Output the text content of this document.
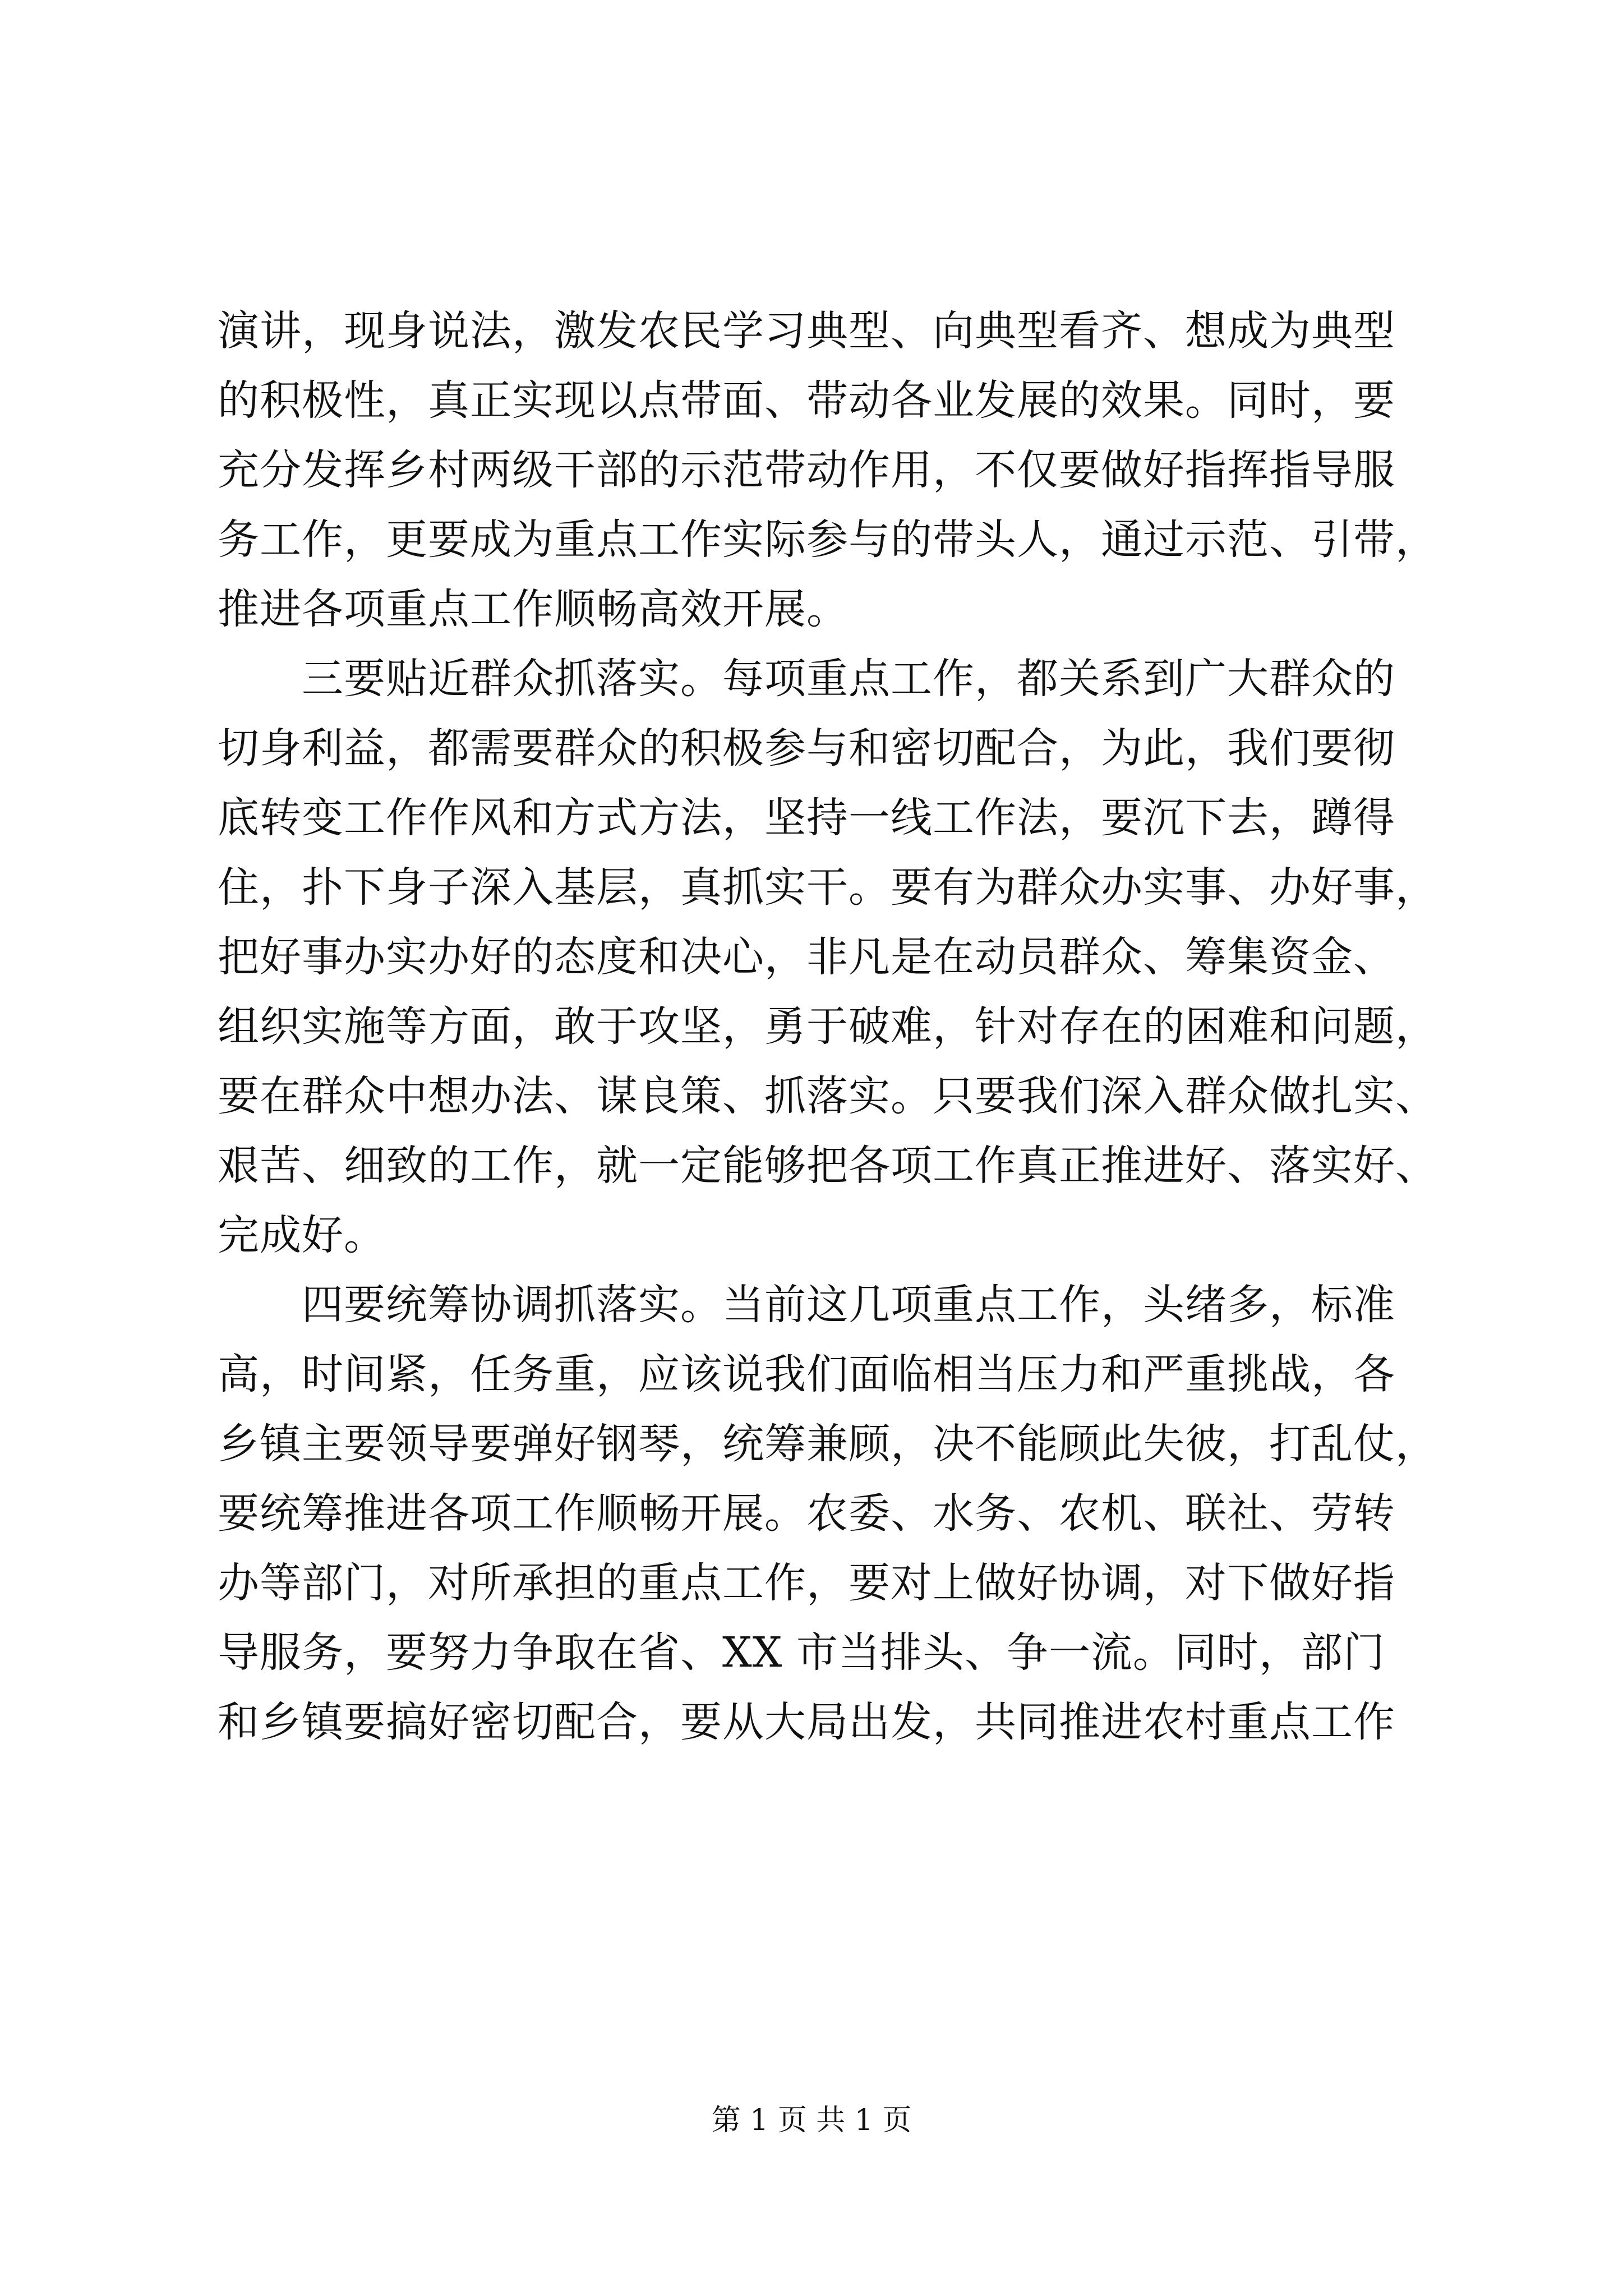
演讲，现身说法，激发农民学习典型、向典型看齐、想成为典型
的积极性，真正实现以点带面、带动各业发展的效果。同时，要
充分发挥乡村两级干部的示范带动作用，不仅要做好指挥指导服
务工作，更要成为重点工作实际参与的带头人，通过示范、引带，
推进各项重点工作顺畅高效开展。
　　三要贴近群众抓落实。每项重点工作，都关系到广大群众的
切身利益，都需要群众的积极参与和密切配合，为此，我们要彻
底转变工作作风和方式方法，坚持一线工作法，要沉下去，蹲得
住，扑下身子深入基层，真抓实干。要有为群众办实事、办好事，
把好事办实办好的态度和决心，非凡是在动员群众、筹集资金、
组织实施等方面，敢于攻坚，勇于破难，针对存在的困难和问题，
要在群众中想办法、谋良策、抓落实。只要我们深入群众做扎实、
艰苦、细致的工作，就一定能够把各项工作真正推进好、落实好、
完成好。
　　四要统筹协调抓落实。当前这几项重点工作，头绪多，标准
高，时间紧，任务重，应该说我们面临相当压力和严重挑战，各
乡镇主要领导要弹好钢琴，统筹兼顾，决不能顾此失彼，打乱仗，
要统筹推进各项工作顺畅开展。农委、水务、农机、联社、劳转
办等部门，对所承担的重点工作，要对上做好协调，对下做好指
导服务，要努力争取在省、XX 市当排头、争一流。同时，部门
和乡镇要搞好密切配合，要从大局出发，共同推进农村重点工作
第 1 页 共 1 页
